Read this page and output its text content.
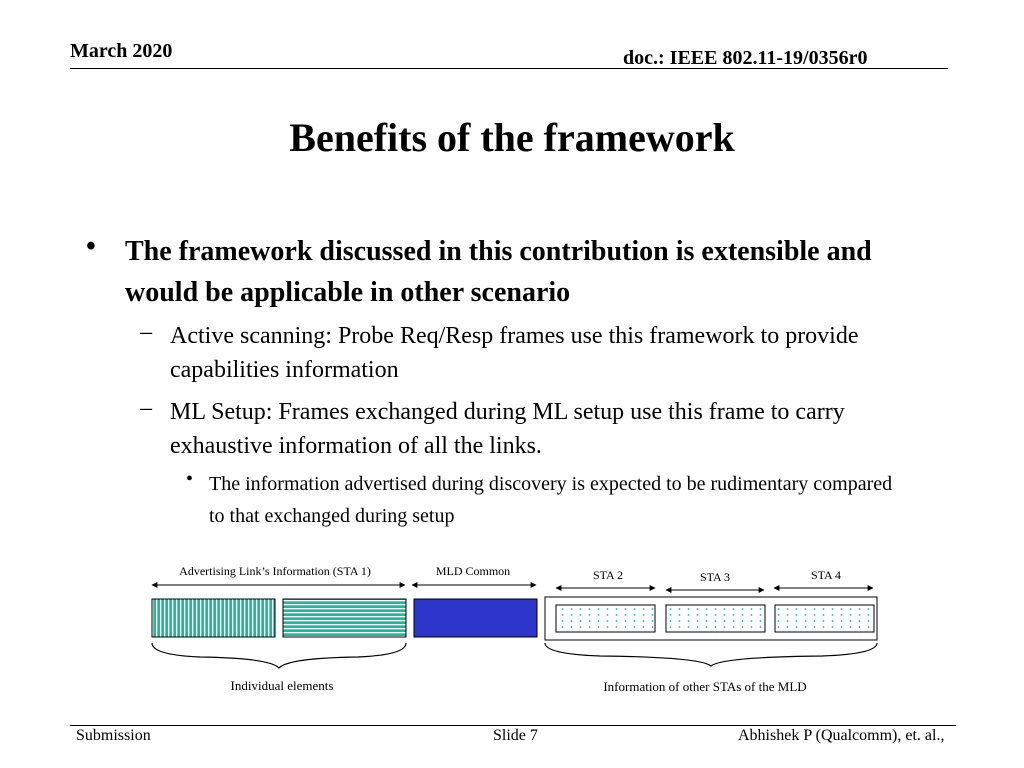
March 2020	doc.: IEEE 802.11-19/0356r0
Benefits of the framework
• The framework discussed in this contribution is extensible and would be applicable in other scenario
– Active scanning: Probe Req/Resp frames use this framework to provide capabilities information
– ML Setup: Frames exchanged during ML setup use this frame to carry exhaustive information of all the links.
• The information advertised during discovery is expected to be rudimentary compared to that exchanged during setup
Advertising Link’s Information (STA 1)	MLD Common	STA 2	STA 3	STA 4
Individual elements	Information of other STAs of the MLD
Submission	Slide 7	Abhishek P (Qualcomm), et. al.,
